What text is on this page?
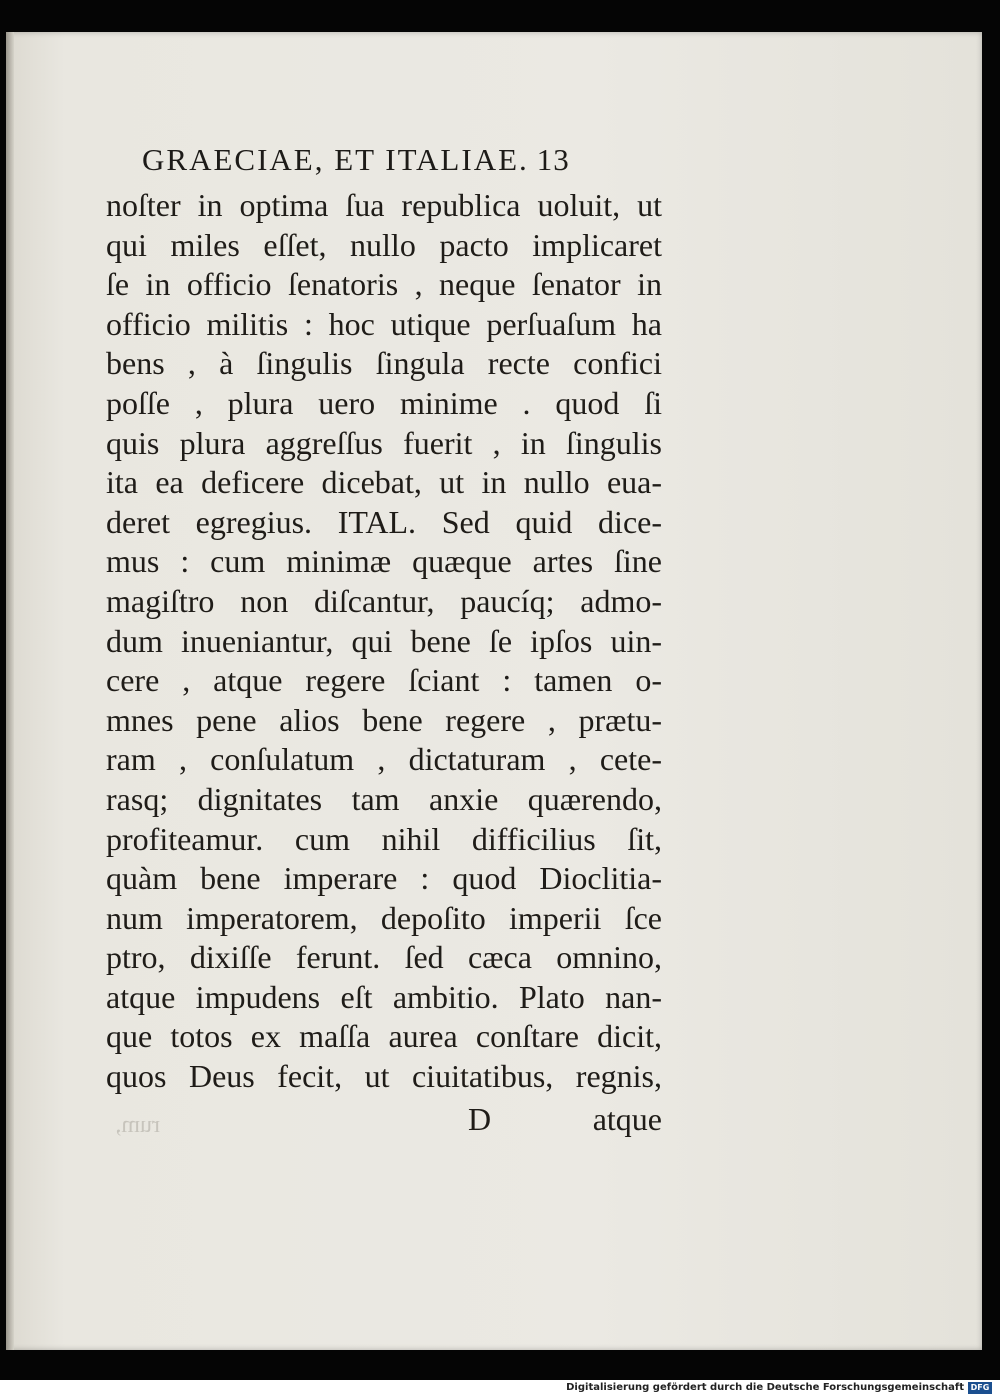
GRAECIAE, ET ITALIAE. 13
noſter in optima ſua republica uoluit, ut
qui miles eſſet, nullo pacto implicaret
ſe in officio ſenatoris , neque ſenator in
officio militis : hoc utique perſuaſum ha
bens , à ſingulis ſingula recte confici
poſſe , plura uero minime . quod ſi
quis plura aggreſſus fuerit , in ſingulis
ita ea deficere dicebat, ut in nullo eua-
deret egregius. ITAL. Sed quid dice-
mus : cum minimæ quæque artes ſine
magiſtro non diſcantur, paucíq; admo-
dum inueniantur, qui bene ſe ipſos uin-
cere , atque regere ſciant : tamen o-
mnes pene alios bene regere , prætu-
ram , conſulatum , dictaturam , cete-
rasq; dignitates tam anxie quærendo,
profiteamur. cum nihil difficilius ſit,
quàm bene imperare : quod Dioclitia-
num imperatorem, depoſito imperii ſce
ptro, dixiſſe ferunt. ſed cæca omnino,
atque impudens eſt ambitio. Plato nan-
que totos ex maſſa aurea conſtare dicit,
quos Deus fecit, ut ciuitatibus, regnis,
D	atque
rum,
Digitalisierung gefördert durch die Deutsche Forschungsgemeinschaft DFG
